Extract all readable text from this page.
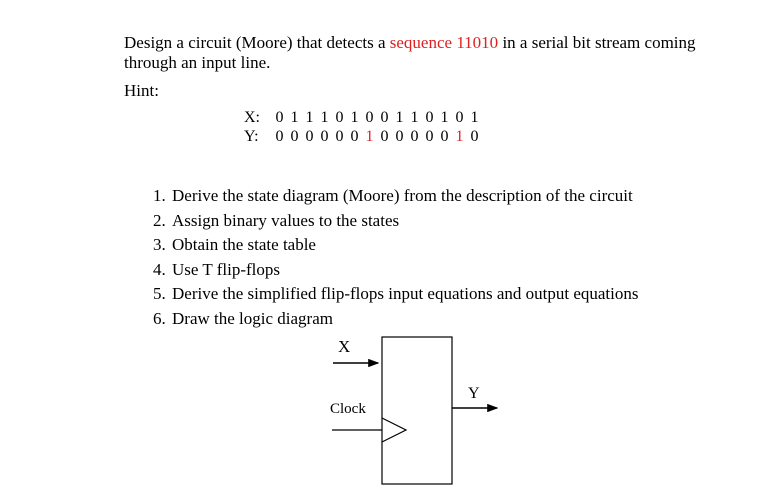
Design a circuit (Moore) that detects a sequence 11010 in a serial bit stream coming through an input line.
Hint:
X: 0 1 1 1 0 1 0 0 1 1 0 1 0 1
Y:	0 0 0 0 0 0 1 0 0 0 0 0 1 0
1. Derive the state diagram (Moore) from the description of the circuit
2. Assign binary values to the states
3. Obtain the state table
4. Use T flip-flops
5. Derive the simplified flip-flops input equations and output equations
6. Draw the logic diagram
X
Y
Clock
